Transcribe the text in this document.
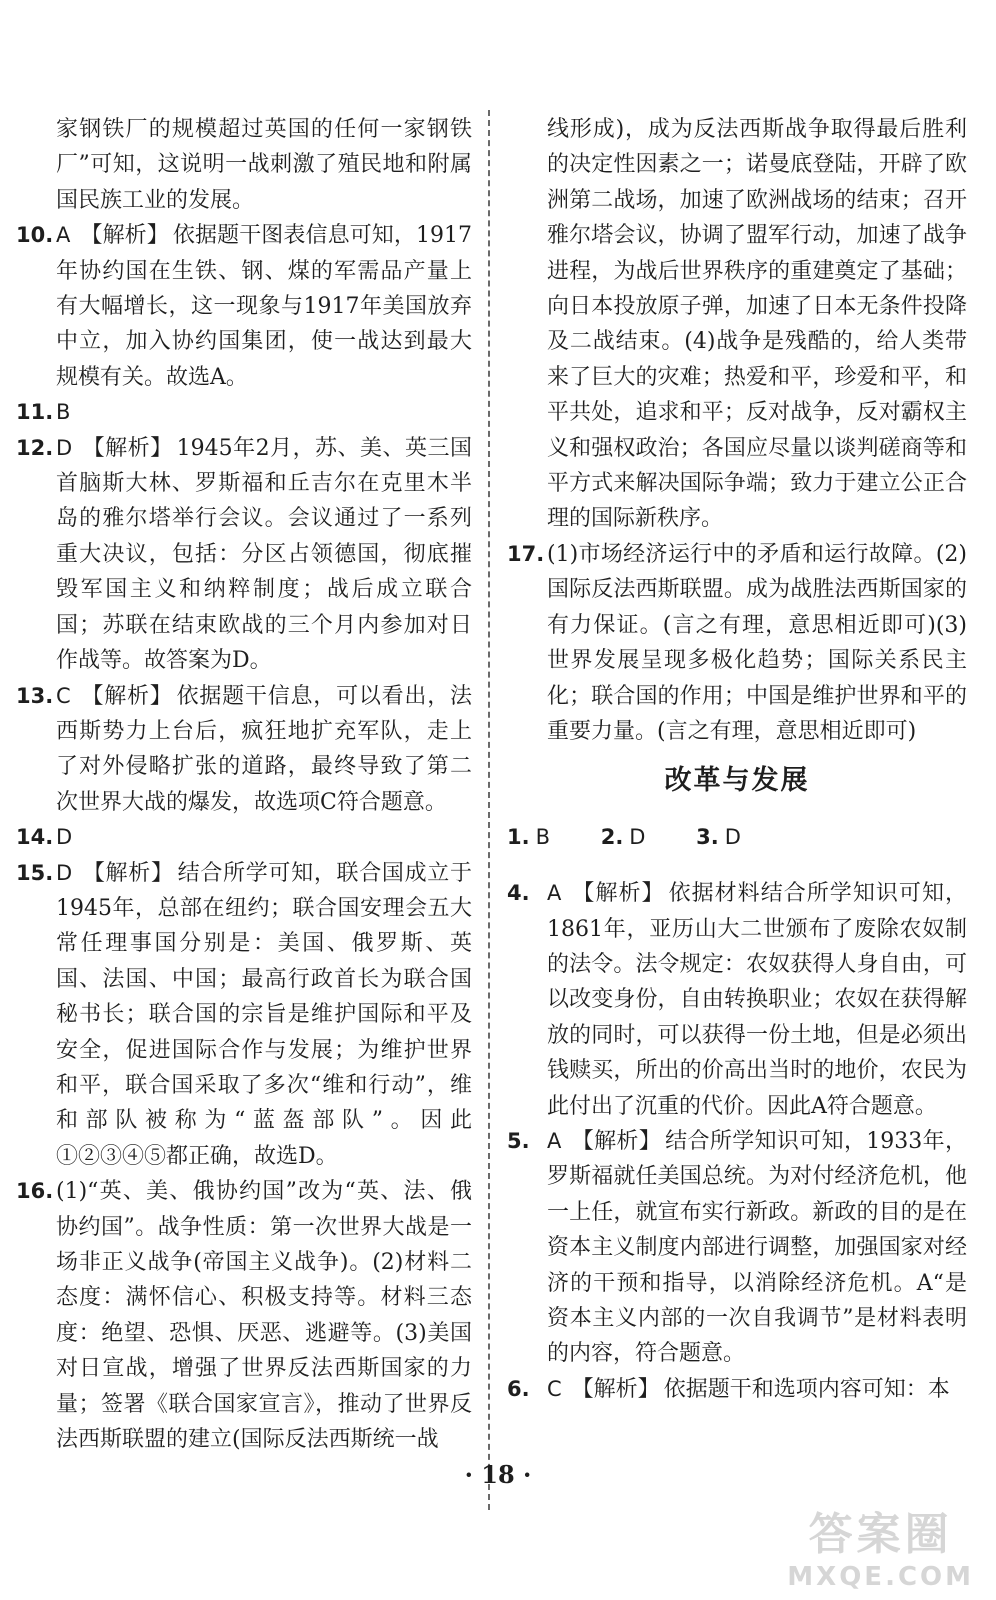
家钢铁厂的规模超过英国的任何一家钢铁厂”可知，这说明一战刺激了殖民地和附属国民族工业的发展。

10. A 【解析】 依据题干图表信息可知，1917年协约国在生铁、钢、煤的军需品产量上有大幅增长，这一现象与1917年美国放弃中立，加入协约国集团，使一战达到最大规模有关。故选A。

11. B

12. D 【解析】 1945年2月，苏、美、英三国首脑斯大林、罗斯福和丘吉尔在克里木半岛的雅尔塔举行会议。会议通过了一系列重大决议，包括：分区占领德国，彻底摧毁军国主义和纳粹制度；战后成立联合国；苏联在结束欧战的三个月内参加对日作战等。故答案为D。

13. C 【解析】 依据题干信息，可以看出，法西斯势力上台后，疯狂地扩充军队，走上了对外侵略扩张的道路，最终导致了第二次世界大战的爆发，故选项C符合题意。

14. D

15. D 【解析】 结合所学可知，联合国成立于1945年，总部在纽约；联合国安理会五大常任理事国分别是：美国、俄罗斯、英国、法国、中国；最高行政首长为联合国秘书长；联合国的宗旨是维护国际和平及安全，促进国际合作与发展；为维护世界和平，联合国采取了多次“维和行动”，维和部队被称为“蓝盔部队”。因此①②③④⑤都正确，故选D。

16. (1)“英、美、俄协约国”改为“英、法、俄协约国”。战争性质：第一次世界大战是一场非正义战争(帝国主义战争)。(2)材料二态度：满怀信心、积极支持等。材料三态度：绝望、恐惧、厌恶、逃避等。(3)美国对日宣战，增强了世界反法西斯国家的力量；签署《联合国家宣言》，推动了世界反法西斯联盟的建立(国际反法西斯统一战

线形成)，成为反法西斯战争取得最后胜利的决定性因素之一；诺曼底登陆，开辟了欧洲第二战场，加速了欧洲战场的结束；召开雅尔塔会议，协调了盟军行动，加速了战争进程，为战后世界秩序的重建奠定了基础；向日本投放原子弹，加速了日本无条件投降及二战结束。(4)战争是残酷的，给人类带来了巨大的灾难；热爱和平，珍爱和平，和平共处，追求和平；反对战争，反对霸权主义和强权政治；各国应尽量以谈判磋商等和平方式来解决国际争端；致力于建立公正合理的国际新秩序。

17. (1)市场经济运行中的矛盾和运行故障。(2)国际反法西斯联盟。成为战胜法西斯国家的有力保证。(言之有理，意思相近即可)(3)世界发展呈现多极化趋势；国际关系民主化；联合国的作用；中国是维护世界和平的重要力量。(言之有理，意思相近即可)

改革与发展

1. B 2. D 3. D

4. A 【解析】 依据材料结合所学知识可知，1861年，亚历山大二世颁布了废除农奴制的法令。法令规定：农奴获得人身自由，可以改变身份，自由转换职业；农奴在获得解放的同时，可以获得一份土地，但是必须出钱赎买，所出的价高出当时的地价，农民为此付出了沉重的代价。因此A符合题意。

5. A 【解析】 结合所学知识可知，1933年，罗斯福就任美国总统。为对付经济危机，他一上任，就宣布实行新政。新政的目的是在资本主义制度内部进行调整，加强国家对经济的干预和指导，以消除经济危机。A“是资本主义内部的一次自我调节”是材料表明的内容，符合题意。

6. C 【解析】 依据题干和选项内容可知：本

· 18 ·
答案圈
MXQE.COM
